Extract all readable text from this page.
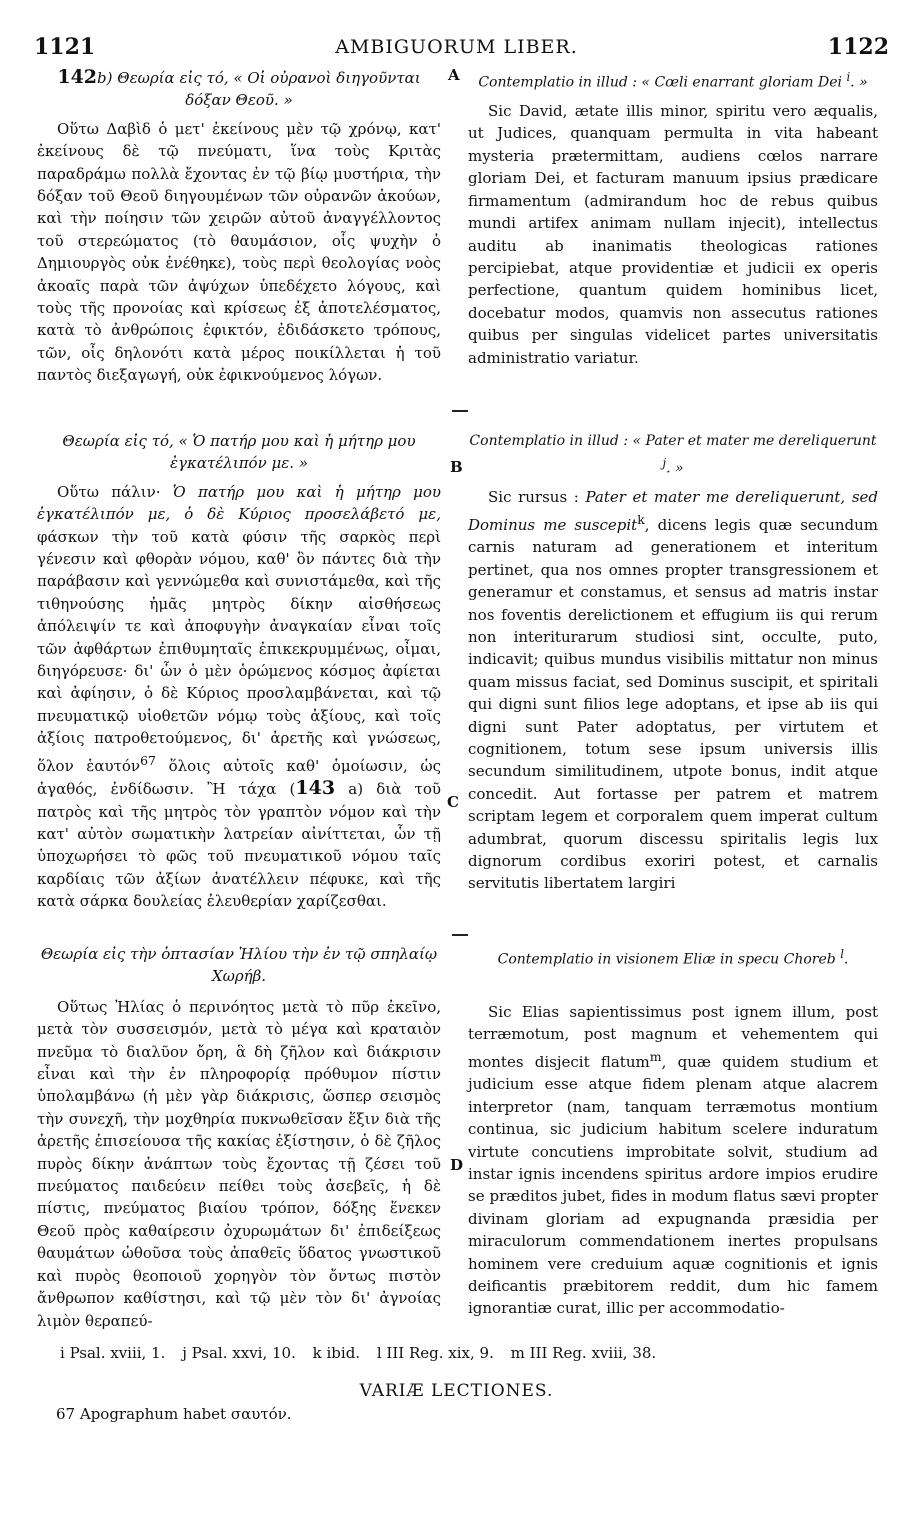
1121	AMBIGUORUM LIBER.	1122
A
B
C
D

142b) Θεωρία εἰς τό, « Οἱ οὐρανοὶ διηγοῦνται δόξαν Θεοῦ. »

Οὕτω Δαβὶδ ὁ μετ' ἐκείνους μὲν τῷ χρόνῳ, κατ' ἐκείνους δὲ τῷ πνεύματι, ἵνα τοὺς Κριτὰς παραδράμω πολλὰ ἔχοντας ἐν τῷ βίῳ μυστήρια, τὴν δόξαν τοῦ Θεοῦ διηγουμένων τῶν οὐρανῶν ἀκούων, καὶ τὴν ποίησιν τῶν χειρῶν αὐτοῦ ἀναγγέλλοντος τοῦ στερεώματος (τὸ θαυμάσιον, οἷς ψυχὴν ὁ Δημιουργὸς οὐκ ἐνέθηκε), τοὺς περὶ θεολογίας νοὸς ἀκοαῖς παρὰ τῶν ἀψύχων ὑπεδέχετο λόγους, καὶ τοὺς τῆς προνοίας καὶ κρίσεως ἐξ ἀποτελέσματος, κατὰ τὸ ἀνθρώποις ἐφικτόν, ἐδιδάσκετο τρόπους, τῶν, οἷς δηλονότι κατὰ μέρος ποικίλλεται ἡ τοῦ παντὸς διεξαγωγή, οὐκ ἐφικνούμενος λόγων.

Contemplatio in illud : « Cœli enarrant gloriam Dei $^i$. »

Sic David, ætate illis minor, spiritu vero æqualis, ut Judices, quanquam permulta in vita habeant mysteria prætermittam, audiens cœlos narrare gloriam Dei, et facturam manuum ipsius prædicare firmamentum (admirandum hoc de rebus quibus mundi artifex animam nullam injecit), intellectus auditu ab inanimatis theologicas rationes percipiebat, atque providentiæ et judicii ex operis perfectione, quantum quidem hominibus licet, docebatur modos, quamvis non assecutus rationes quibus per singulas videlicet partes universitatis administratio variatur.

Θεωρία εἰς τό, « Ὁ πατήρ μου καὶ ἡ μήτηρ μου ἐγκατέλιπόν με. »

Οὕτω πάλιν· Ὁ πατήρ μου καὶ ἡ μήτηρ μου ἐγκατέλιπόν με, ὁ δὲ Κύριος προσελάβετό με, φάσκων τὴν τοῦ κατὰ φύσιν τῆς σαρκὸς περὶ γένεσιν καὶ φθορὰν νόμου, καθ' ὃν πάντες διὰ τὴν παράβασιν καὶ γεννώμεθα καὶ συνιστάμεθα, καὶ τῆς τιθηνούσης ἡμᾶς μητρὸς δίκην αἰσθήσεως ἀπόλειψίν τε καὶ ἀποφυγὴν ἀναγκαίαν εἶναι τοῖς τῶν ἀφθάρτων ἐπιθυμηταῖς ἐπικεκρυμμένως, οἶμαι, διηγόρευσε· δι' ὧν ὁ μὲν ὁρώμενος κόσμος ἀφίεται καὶ ἀφίησιν, ὁ δὲ Κύριος προσλαμβάνεται, καὶ τῷ πνευματικῷ υἱοθετῶν νόμῳ τοὺς ἀξίους, καὶ τοῖς ἀξίοις πατροθετούμενος, δι' ἀρετῆς καὶ γνώσεως, ὅλον ἑαυτόν$^{67}$ ὅλοις αὐτοῖς καθ' ὁμοίωσιν, ὡς ἀγαθός, ἐνδίδωσιν. Ἢ τάχα (143 a) διὰ τοῦ πατρὸς καὶ τῆς μητρὸς τὸν γραπτὸν νόμον καὶ τὴν κατ' αὐτὸν σωματικὴν λατρείαν αἰνίττεται, ὧν τῇ ὑποχωρήσει τὸ φῶς τοῦ πνευματικοῦ νόμου ταῖς καρδίαις τῶν ἀξίων ἀνατέλλειν πέφυκε, καὶ τῆς κατὰ σάρκα δουλείας ἐλευθερίαν χαρίζεσθαι.

Contemplatio in illud : « Pater et mater me dereliquerunt $^j$. »

Sic rursus : Pater et mater me dereliquerunt, sed Dominus me suscepit$^k$, dicens legis quæ secundum carnis naturam ad generationem et interitum pertinet, qua nos omnes propter transgressionem et generamur et constamus, et sensus ad matris instar nos foventis derelictionem et effugium iis qui rerum non interiturarum studiosi sint, occulte, puto, indicavit; quibus mundus visibilis mittatur non minus quam missus faciat, sed Dominus suscipit, et spiritali qui digni sunt filios lege adoptans, et ipse ab iis qui digni sunt Pater adoptatus, per virtutem et cognitionem, totum sese ipsum universis illis secundum similitudinem, utpote bonus, indit atque concedit. Aut fortasse per patrem et matrem scriptam legem et corporalem quem imperat cultum adumbrat, quorum discessu spiritalis legis lux dignorum cordibus exoriri potest, et carnalis servitutis libertatem largiri

Θεωρία εἰς τὴν ὀπτασίαν Ἡλίου τὴν ἐν τῷ σπηλαίῳ Χωρήβ.

Οὕτως Ἠλίας ὁ περινόητος μετὰ τὸ πῦρ ἐκεῖνο, μετὰ τὸν συσσεισμόν, μετὰ τὸ μέγα καὶ κραταιὸν πνεῦμα τὸ διαλῦον ὄρη, ἃ δὴ ζῆλον καὶ διάκρισιν εἶναι καὶ τὴν ἐν πληροφορίᾳ πρόθυμον πίστιν ὑπολαμβάνω (ἡ μὲν γὰρ διάκρισις, ὥσπερ σεισμὸς τὴν συνεχῆ, τὴν μοχθηρία πυκνωθεῖσαν ἕξιν διὰ τῆς ἀρετῆς ἐπισείουσα τῆς κακίας ἐξίστησιν, ὁ δὲ ζῆλος πυρὸς δίκην ἀνάπτων τοὺς ἔχοντας τῇ ζέσει τοῦ πνεύματος παιδεύειν πείθει τοὺς ἀσεβεῖς, ἡ δὲ πίστις, πνεύματος βιαίου τρόπον, δόξης ἕνεκεν Θεοῦ πρὸς καθαίρεσιν ὀχυρωμάτων δι' ἐπιδείξεως θαυμάτων ὠθοῦσα τοὺς ἀπαθεῖς ὕδατος γνωστικοῦ καὶ πυρὸς θεοποιοῦ χορηγὸν τὸν ὄντως πιστὸν ἄνθρωπον καθίστησι, καὶ τῷ μὲν τὸν δι' ἀγνοίας λιμὸν θεραπεύ-

Contemplatio in visionem Eliæ in specu Choreb $^l$.

Sic Elias sapientissimus post ignem illum, post terræmotum, post magnum et vehementem qui montes disjecit flatum$^m$, quæ quidem studium et judicium esse atque fidem plenam atque alacrem interpretor (nam, tanquam terræmotus montium continua, sic judicium habitum scelere induratum virtute concutiens improbitate solvit, studium ad instar ignis incendens spiritus ardore impios erudire se præditos jubet, fides in modum flatus sævi propter divinam gloriam ad expugnanda præsidia per miraculorum commendationem inertes propulsans hominem vere creduium aquæ cognitionis et ignis deificantis præbitorem reddit, dum hic famem ignorantiæ curat, illic per accommodatio-

i Psal. xviii, 1. j Psal. xxvi, 10. k ibid. l III Reg. xix, 9. m III Reg. xviii, 38.
VARIÆ LECTIONES.
67 Apographum habet σαυτόν.
